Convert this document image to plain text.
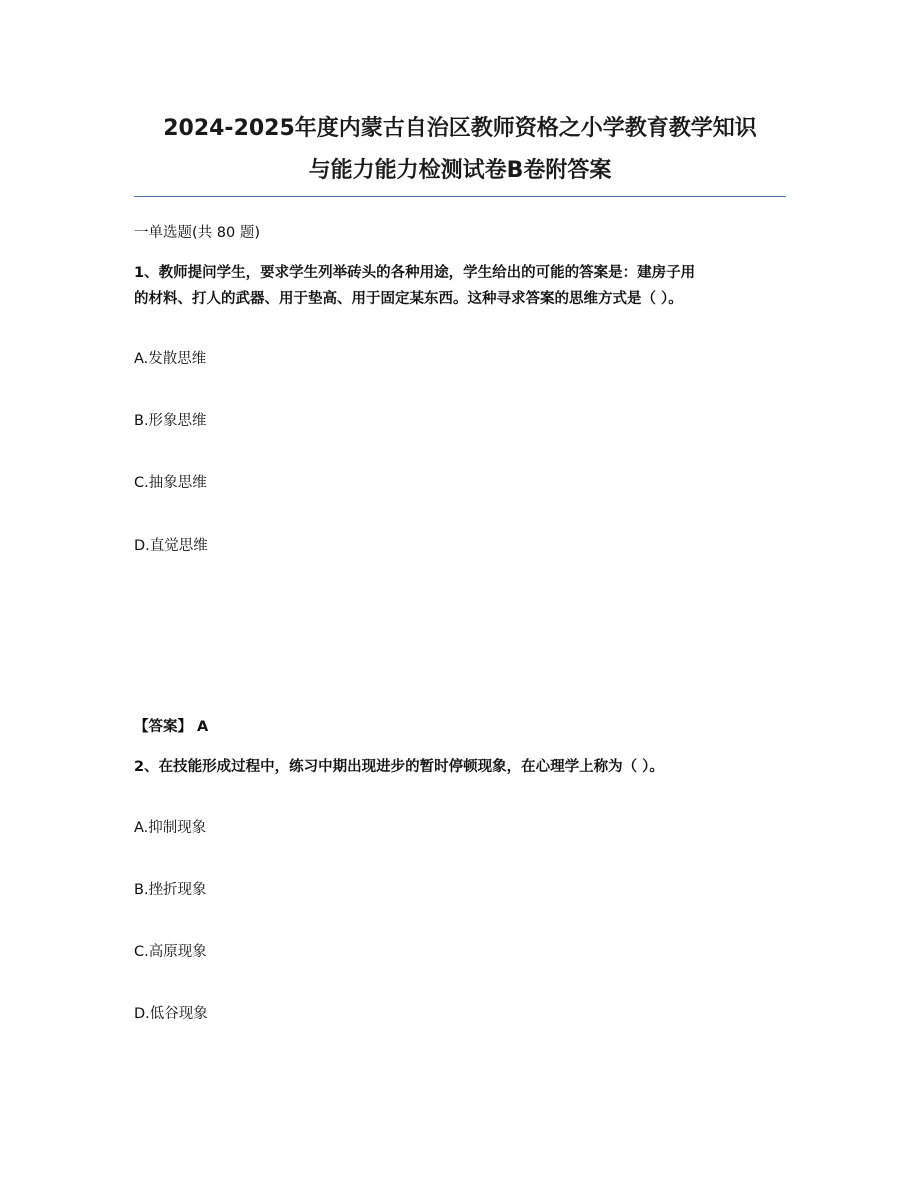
2024-2025年度内蒙古自治区教师资格之小学教育教学知识
与能力能力检测试卷B卷附答案
一单选题(共 80 题)
1、教师提问学生，要求学生列举砖头的各种用途，学生给出的可能的答案是：建房子用
的材料、打人的武器、用于垫高、用于固定某东西。这种寻求答案的思维方式是（ ）。
A.发散思维
B.形象思维
C.抽象思维
D.直觉思维
【答案】 A
2、在技能形成过程中，练习中期出现进步的暂时停顿现象，在心理学上称为（ ）。
A.抑制现象
B.挫折现象
C.高原现象
D.低谷现象
